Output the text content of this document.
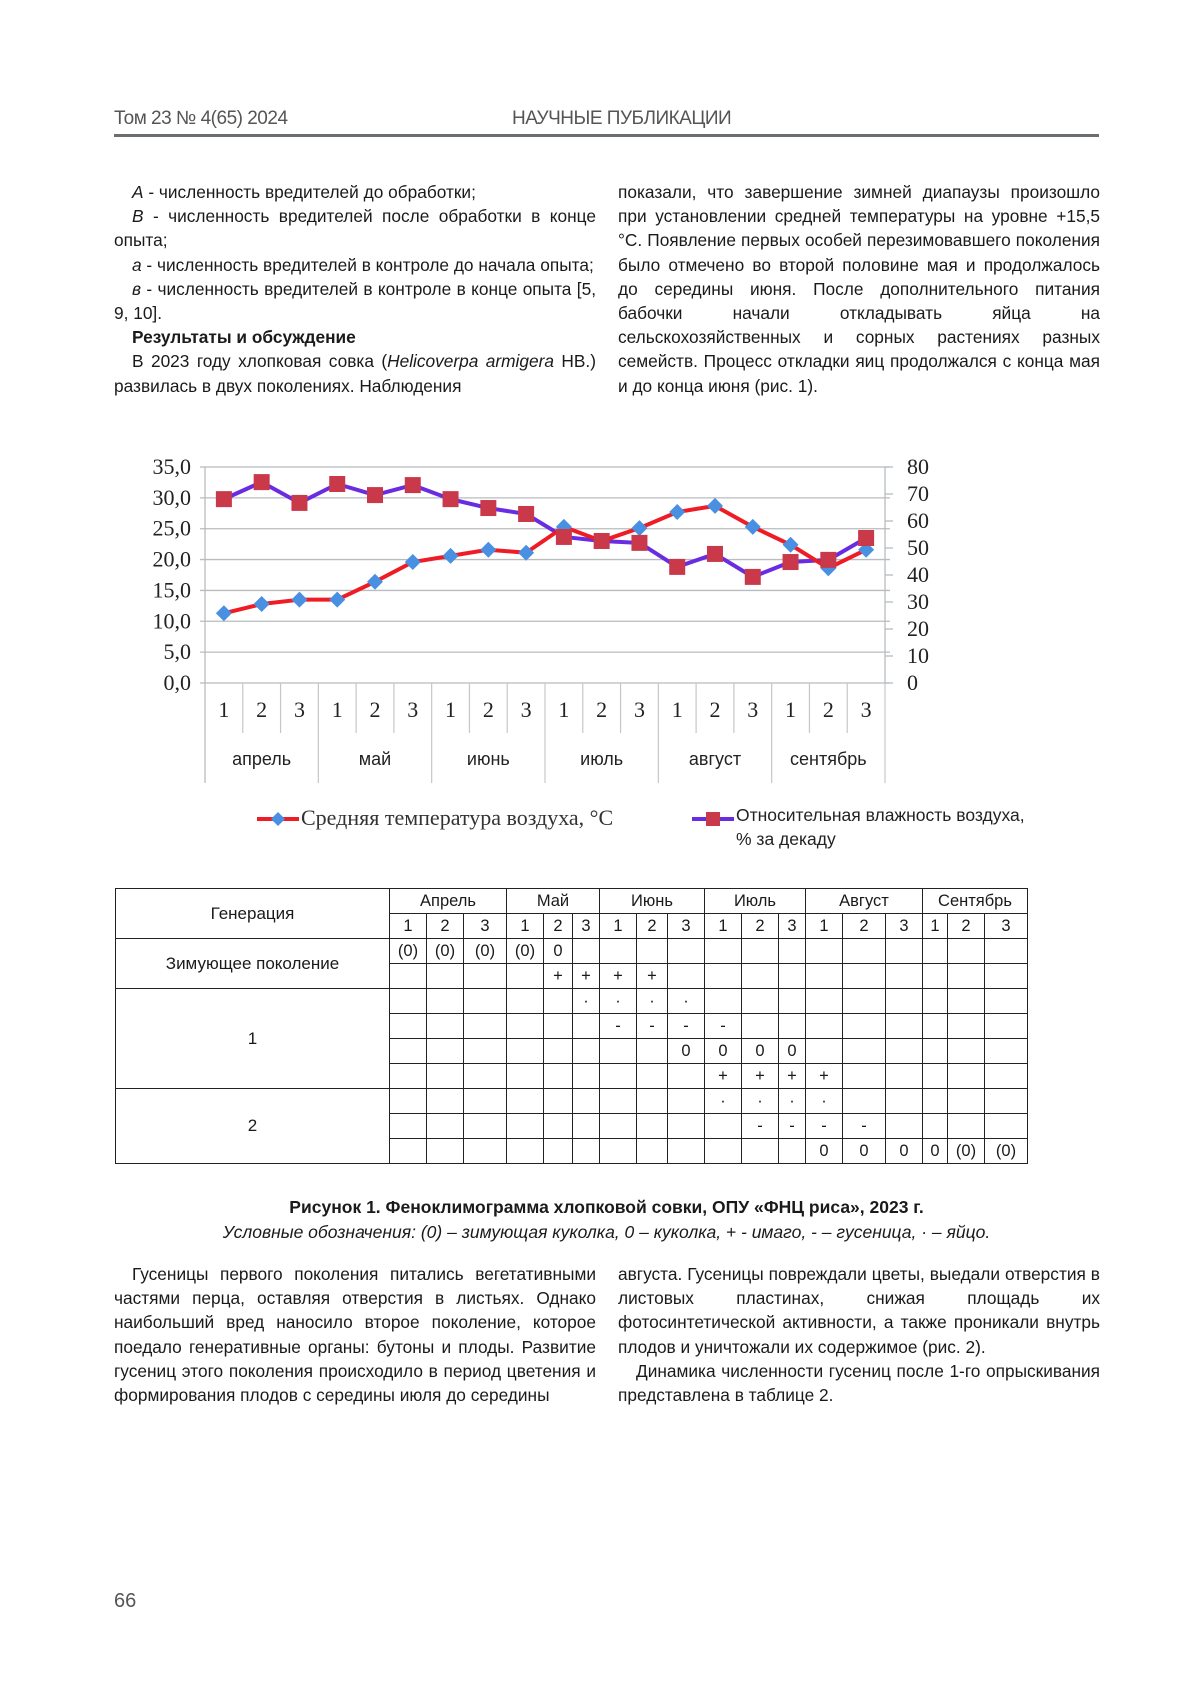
Том 23 № 4(65) 2024	НАУЧНЫЕ ПУБЛИКАЦИИ

А - численность вредителей до обработки;

В - численность вредителей после обработки в конце опыта;

а - численность вредителей в контроле до начала опыта;

в - численность вредителей в контроле в конце опыта [5, 9, 10].

Результаты и обсуждение

В 2023 году хлопковая совка (Helicoverpa armigera НВ.) развилась в двух поколениях. Наблюдения

показали, что завершение зимней диапаузы произошло при установлении средней температуры на уровне +15,5 °С. Появление первых особей перезимовавшего поколения было отмечено во второй половине мая и продолжалось до середины июня. После дополнительного питания бабочки начали откладывать яйца на сельскохозяйственных и сорных растениях разных семейств. Процесс откладки яиц продолжался с конца мая и до конца июня (рис. 1).

0,0
5,0
10,0
15,0
20,0
25,0
30,0
35,0
0
10
20
30
40
50
60
70
80
1 2 3 1 2 3 1 2 3 1 2 3 1 2 3 1 2 3
апрель	май	июнь	июль	август	сентябрь
Средняя температура воздуха, °С	Относительная влажность воздуха,
% за декаду
Генерация	Апрель			Май			Июнь			Июль			Август			Сентябрь		
	1	2	3	1	2	3	1	2	3	1	2	3	1	2	3	1	2	3
Зимующее поколение	(0)	(0)	(0)	(0)	0													
					+	+	+	+										
1						·	·	·	·									
							-	-	-	-								
									0	0	0	0						
										+	+	+	+					
2										·	·	·	·					
											-	-	-	-				
													0	0	0	0	(0)	(0)
Рисунок 1. Феноклимограмма хлопковой совки, ОПУ «ФНЦ риса», 2023 г.
Условные обозначения: (0) – зимующая куколка, 0 – куколка, + - имаго, - – гусеница, · – яйцо.

Гусеницы первого поколения питались вегетативными частями перца, оставляя отверстия в листьях. Однако наибольший вред наносило второе поколение, которое поедало генеративные органы: бутоны и плоды. Развитие гусениц этого поколения происходило в период цветения и формирования плодов с середины июля до середины

августа. Гусеницы повреждали цветы, выедали отверстия в листовых пластинах, снижая площадь их фотосинтетической активности, а также проникали внутрь плодов и уничтожали их содержимое (рис. 2).

Динамика численности гусениц после 1-го опрыскивания представлена в таблице 2.

66
